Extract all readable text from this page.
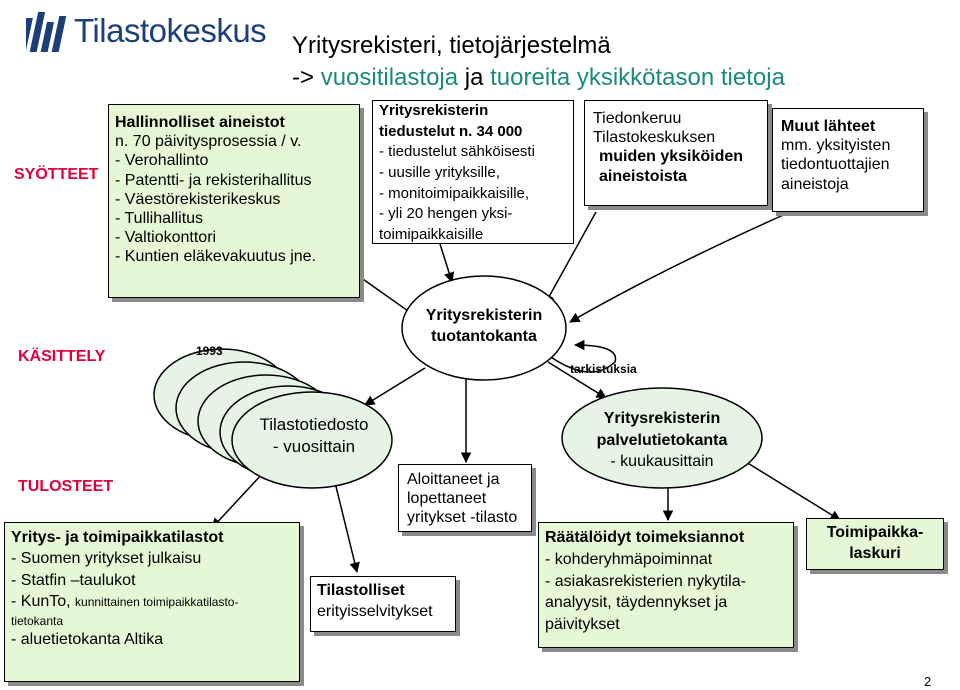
Tilastokeskus Yritysrekisteri, tietojärjestelmä
-> vuositilastoja ja tuoreita yksikkötason tietoja
SYÖTTEET
KÄSITTELY
TULOSTEET
Hallinnolliset aineistot
n. 70 päivitysprosessia / v.
- Verohallinto
- Patentti- ja rekisterihallitus
- Väestörekisterikeskus
- Tullihallitus
- Valtiokonttori
- Kuntien eläkevakuutus jne.
Yritysrekisterin
tiedustelut n. 34 000
- tiedustelut sähköisesti
- uusille yrityksille,
- monitoimipaikkaisille,
- yli 20 hengen yksi-
toimipaikkaisille
Tiedonkeruu
Tilastokeskuksen
muiden yksiköiden
aineistoista
Muut lähteet
mm. yksityisten
tiedontuottajien
aineistoja
Yritysrekisterin
tuotantokanta
tarkistuksia
1993
Tilastotiedosto
- vuosittain
Yritysrekisterin
palvelutietokanta
- kuukausittain
Aloittaneet ja
lopettaneet
yritykset -tilasto
Yritys- ja toimipaikkatilastot
- Suomen yritykset julkaisu
- Statfin –taulukot
- KunTo, kunnittainen toimipaikkatilasto-
tietokanta
- aluetietokanta Altika
Tilastolliset
erityisselvitykset
Räätälöidyt toimeksiannot
- kohderyhmäpoiminnat
- asiakasrekisterien nykytila-
analyysit, täydennykset ja
päivitykset
Toimipaikka-
laskuri
2
